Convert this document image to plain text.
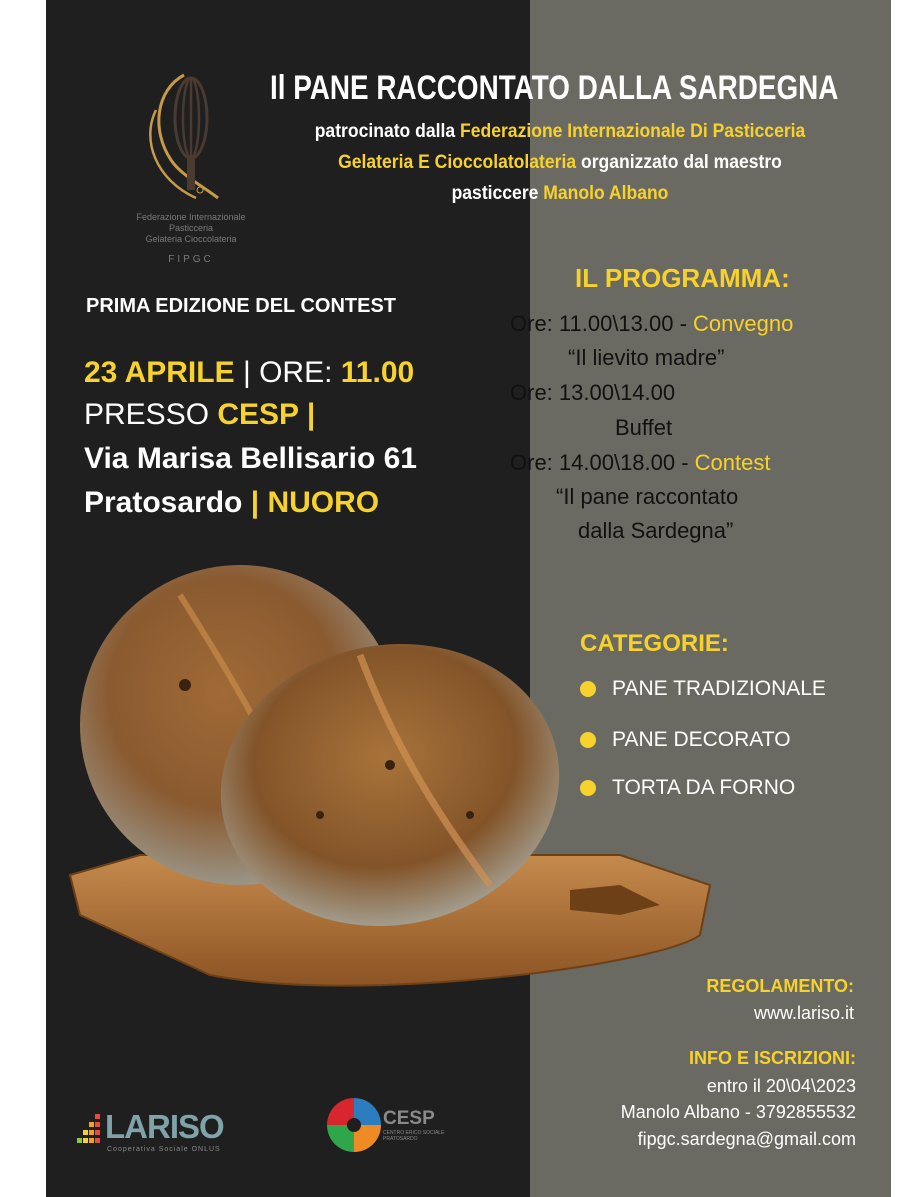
Federazione Internazionale
Pasticceria
Gelateria Cioccolateria
FIPGC
Il PANE RACCONTATO DALLA SARDEGNA
patrocinato dalla Federazione Internazionale Di Pasticceria
Gelateria E Cioccolatolateria organizzato dal maestro
pasticcere Manolo Albano
PRIMA EDIZIONE DEL CONTEST
23 APRILE | ORE: 11.00
PRESSO CESP |
Via Marisa Bellisario 61
Pratosardo | NUORO
IL PROGRAMMA:
Ore: 11.00\13.00 - Convegno
“Il lievito madre”
Ore: 13.00\14.00
Buffet
Ore: 14.00\18.00 - Contest
“Il pane raccontato
dalla Sardegna”
CATEGORIE:
PANE TRADIZIONALE
PANE DECORATO
TORTA DA FORNO
REGOLAMENTO:
www.lariso.it
INFO E ISCRIZIONI:
entro il 20\04\2023
Manolo Albano - 3792855532
fipgc.sardegna@gmail.com
LARISO
Cooperativa Sociale ONLUS
CESP
CENTRO ERICO SOCIALE
PRATOSARDO
